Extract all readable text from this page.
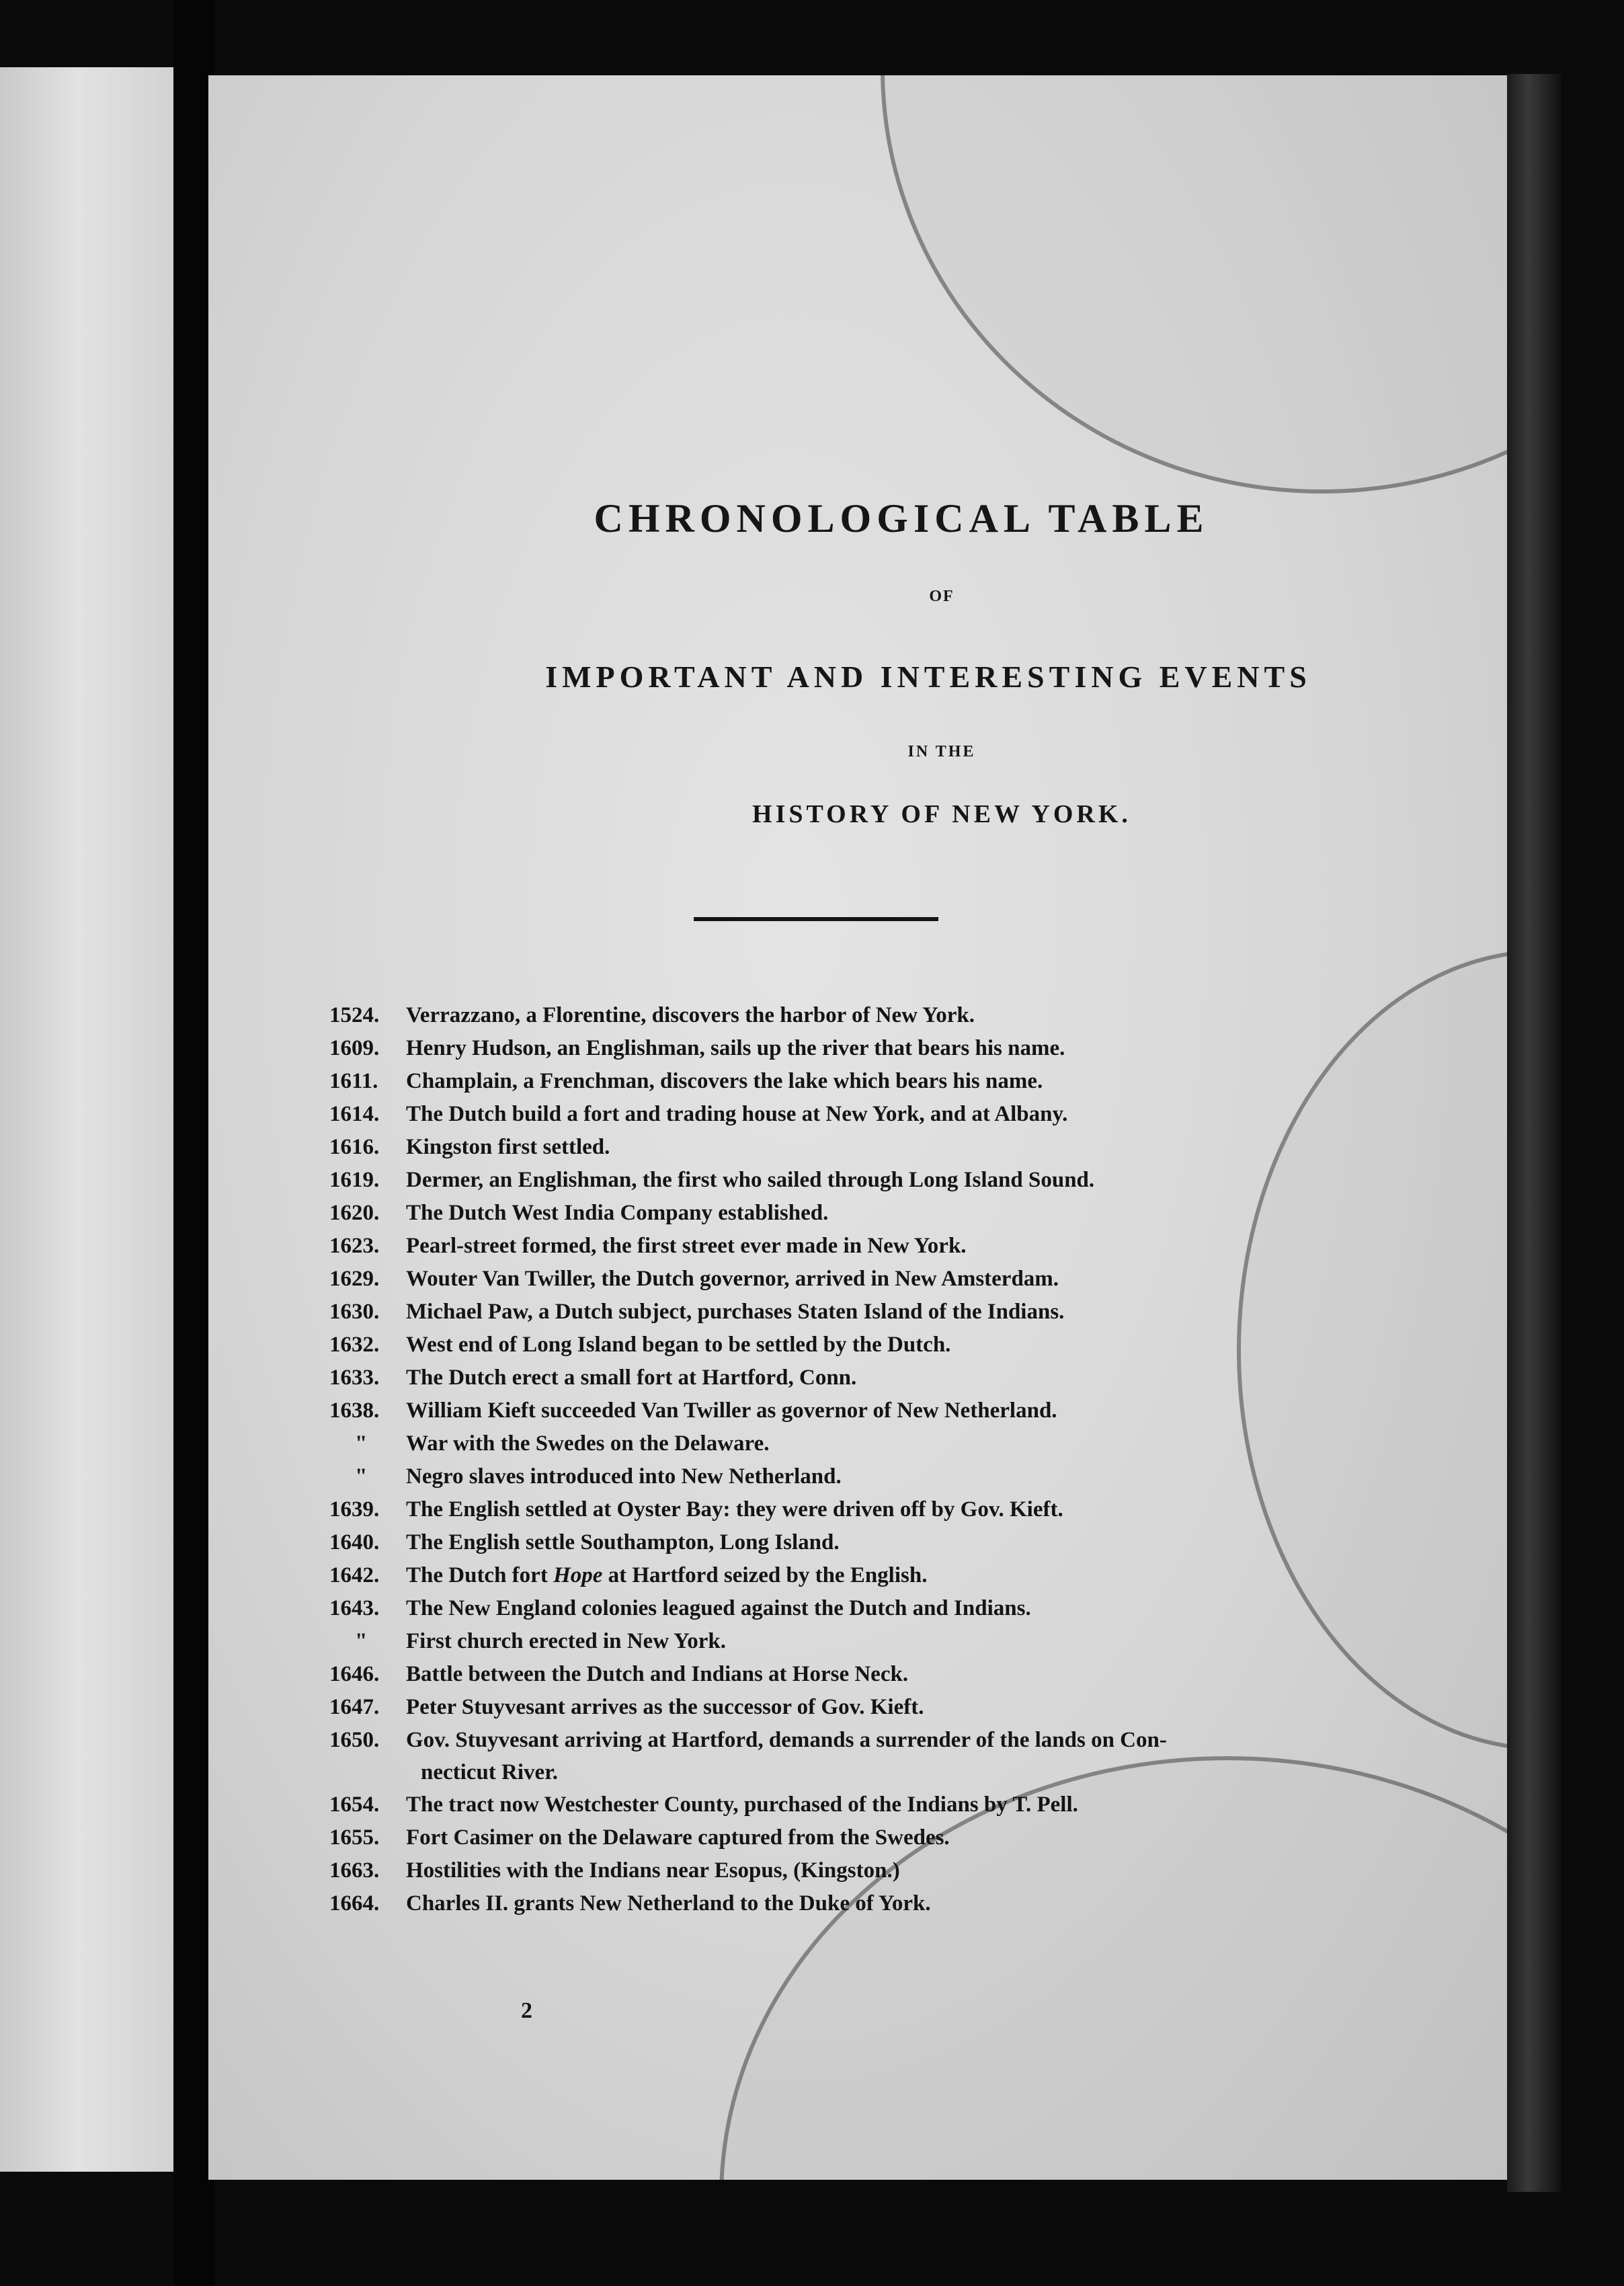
CHRONOLOGICAL TABLE
OF
IMPORTANT AND INTERESTING EVENTS
IN THE
HISTORY OF NEW YORK.
1524.	Verrazzano, a Florentine, discovers the harbor of New York.
1609.	Henry Hudson, an Englishman, sails up the river that bears his name.
1611.	Champlain, a Frenchman, discovers the lake which bears his name.
1614.	The Dutch build a fort and trading house at New York, and at Albany.
1616.	Kingston first settled.
1619.	Dermer, an Englishman, the first who sailed through Long Island Sound.
1620.	The Dutch West India Company established.
1623.	Pearl-street formed, the first street ever made in New York.
1629.	Wouter Van Twiller, the Dutch governor, arrived in New Amsterdam.
1630.	Michael Paw, a Dutch subject, purchases Staten Island of the Indians.
1632.	West end of Long Island began to be settled by the Dutch.
1633.	The Dutch erect a small fort at Hartford, Conn.
1638.	William Kieft succeeded Van Twiller as governor of New Netherland.
"	War with the Swedes on the Delaware.
"	Negro slaves introduced into New Netherland.
1639.	The English settled at Oyster Bay: they were driven off by Gov. Kieft.
1640.	The English settle Southampton, Long Island.
1642.	The Dutch fort Hope at Hartford seized by the English.
1643.	The New England colonies leagued against the Dutch and Indians.
"	First church erected in New York.
1646.	Battle between the Dutch and Indians at Horse Neck.
1647.	Peter Stuyvesant arrives as the successor of Gov. Kieft.
1650.	Gov. Stuyvesant arriving at Hartford, demands a surrender of the lands on Con-
necticut River.
1654.	The tract now Westchester County, purchased of the Indians by T. Pell.
1655.	Fort Casimer on the Delaware captured from the Swedes.
1663.	Hostilities with the Indians near Esopus, (Kingston.)
1664.	Charles II. grants New Netherland to the Duke of York.
2
